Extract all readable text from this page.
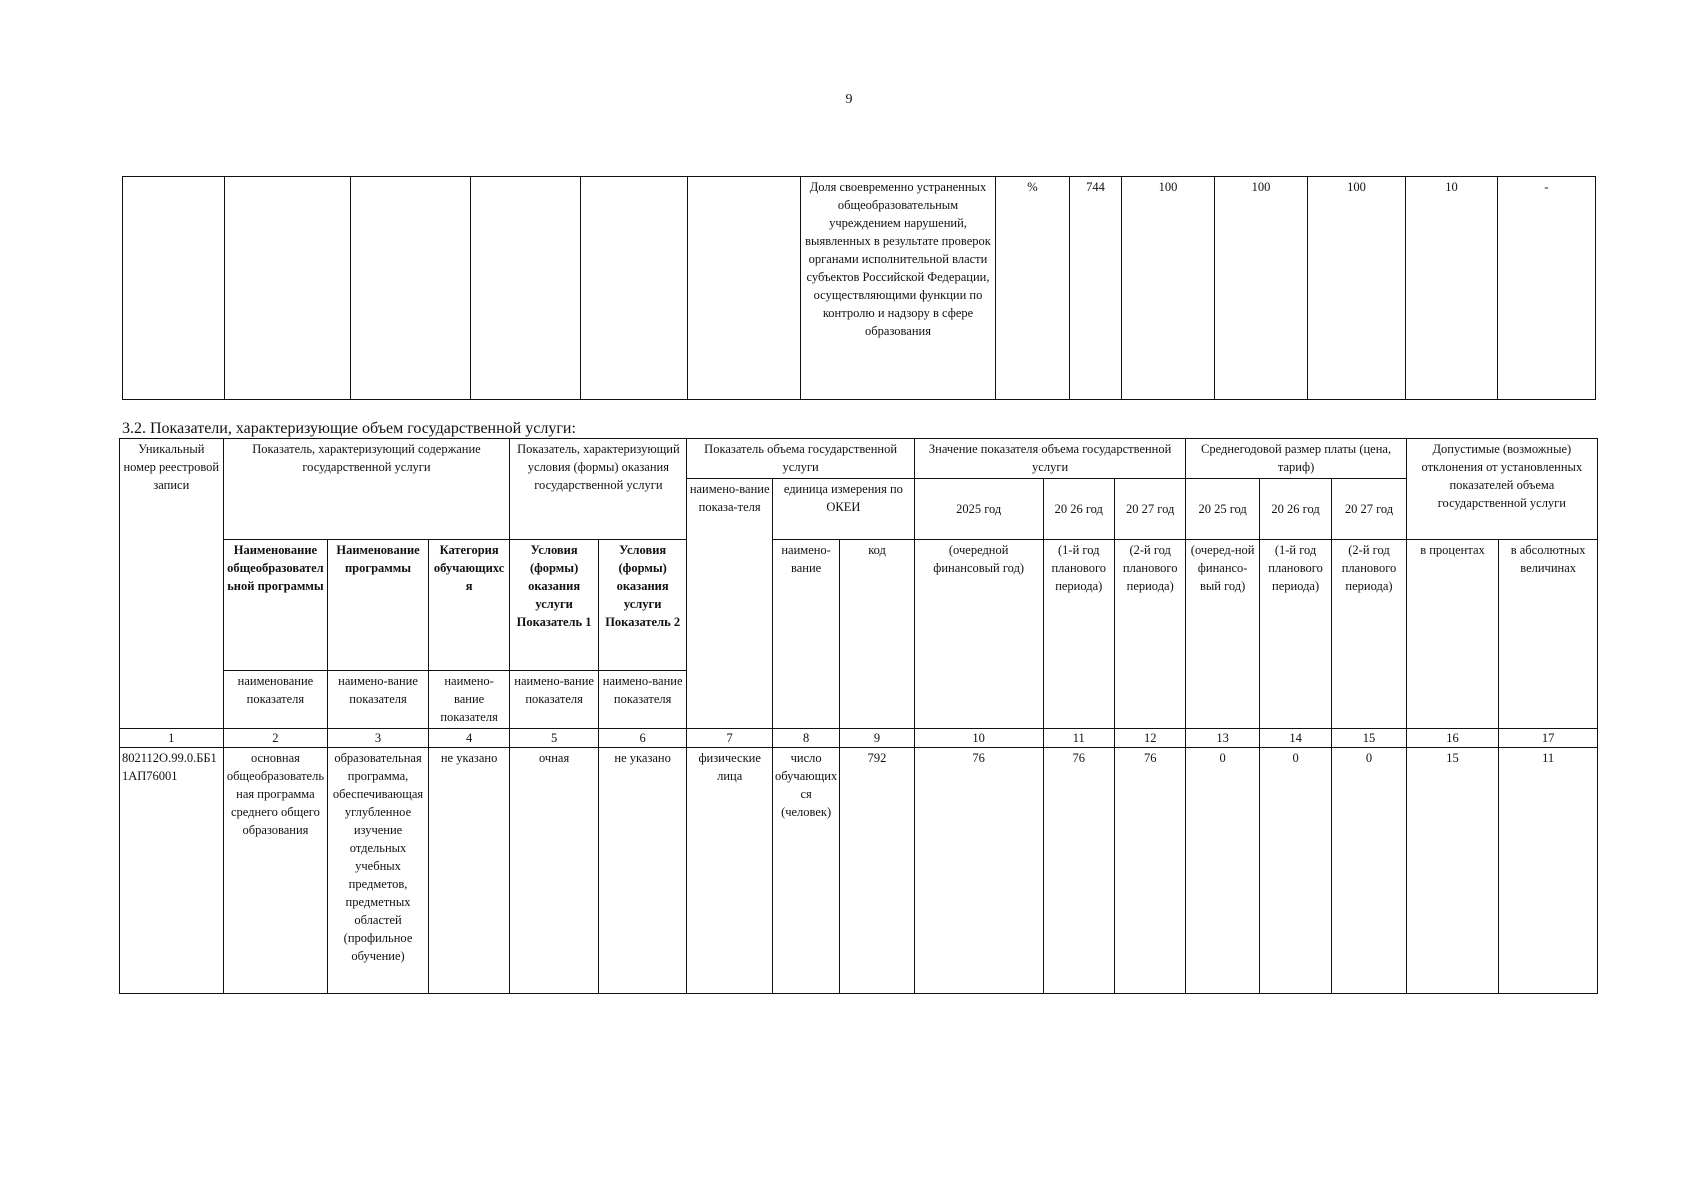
9
						Доля своевременно устраненных общеобразовательным учреждением нарушений, выявленных в результате проверок органами исполнительной власти субъектов Российской Федерации, осуществляющими функции по контролю и надзору в сфере образования	%	744	100	100	100	10	-
3.2. Показатели, характеризующие объем государственной услуги:
Уникальный номер реестровой записи	Показатель, характеризующий содержание государственной услуги			Показатель, характеризующий условия (формы) оказания государственной услуги		Показатель объема государственной услуги			Значение показателя объема государственной услуги			Среднегодовой размер платы (цена, тариф)			Допустимые (возможные) отклонения от установленных показателей объема государственной услуги	
						наимено-вание показа-теля	единица измерения по ОКЕИ		2025 год	20 26 год	20 27 год	20 25 год	20 26 год	20 27 год		
	Наименование общеобразовательной программы	Наименование программы	Категория обучающихся	Условия (формы) оказания услуги Показатель 1	Условия (формы) оказания услуги Показатель 2		наимено-вание	код	(очередной финансовый год)	(1-й год планового периода)	(2-й год планового периода)	(очеред-ной финансо-вый год)	(1-й год планового периода)	(2-й год планового периода)	в процентах	в абсолютных величинах

	наименование показателя	наимено-вание показателя	наимено-вание показателя	наимено-вание показателя	наимено-вание показателя											
1	2	3	4	5	6	7	8	9	10	11	12	13	14	15	16	17
802112О.99.0.ББ11АП76001	основная общеобразовательная программа среднего общего образования	образовательная программа, обеспечивающая углубленное изучение отдельных учебных предметов, предметных областей (профильное обучение)	не указано	очная	не указано	физические лица	число обучающихся (человек)	792	76	76	76	0	0	0	15	11
